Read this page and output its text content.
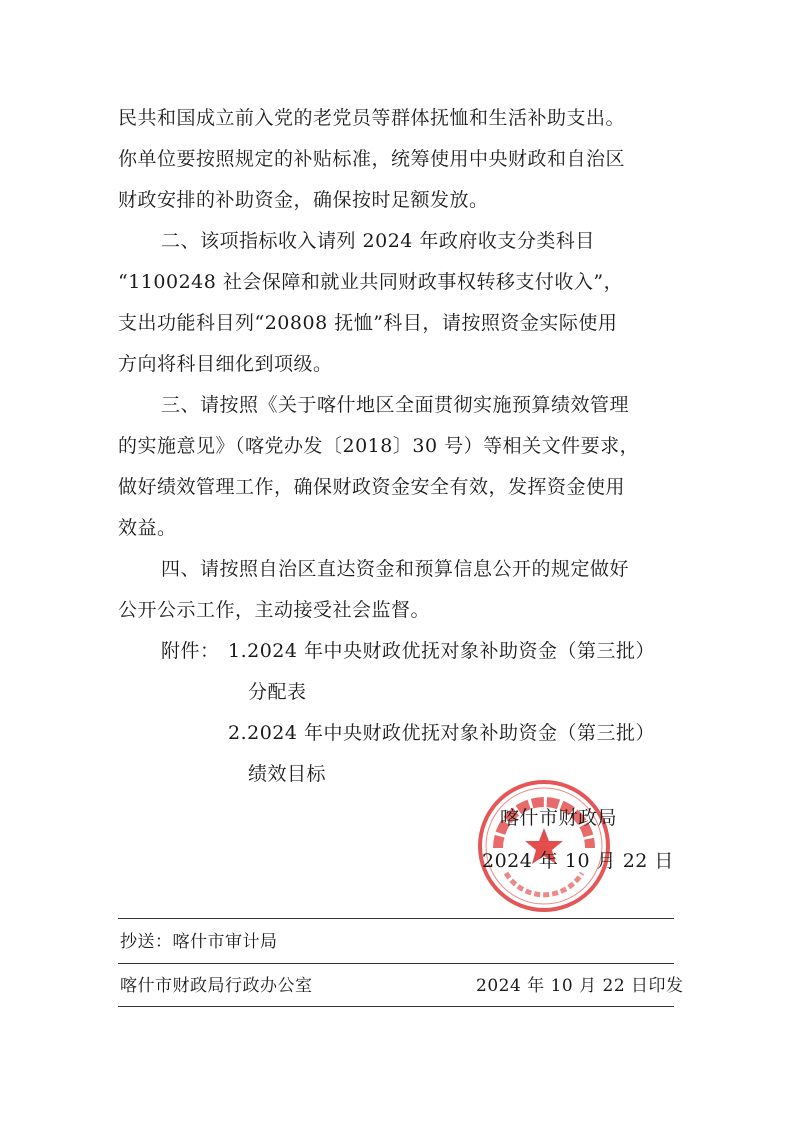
民共和国成立前入党的老党员等群体抚恤和生活补助支出。
你单位要按照规定的补贴标准，统筹使用中央财政和自治区
财政安排的补助资金，确保按时足额发放。
二、该项指标收入请列 2024 年政府收支分类科目
“1100248 社会保障和就业共同财政事权转移支付收入”，
支出功能科目列“20808 抚恤”科目，请按照资金实际使用
方向将科目细化到项级。
三、请按照《关于喀什地区全面贯彻实施预算绩效管理
的实施意见》（喀党办发〔2018〕30 号）等相关文件要求，
做好绩效管理工作，确保财政资金安全有效，发挥资金使用
效益。
四、请按照自治区直达资金和预算信息公开的规定做好
公开公示工作，主动接受社会监督。
附件： 1.2024 年中央财政优抚对象补助资金（第三批）
分配表
2.2024 年中央财政优抚对象补助资金（第三批）
绩效目标
喀什市财政局
2024 年 10 月 22 日
抄送：喀什市审计局
喀什市财政局行政办公室	2024 年 10 月 22 日印发
